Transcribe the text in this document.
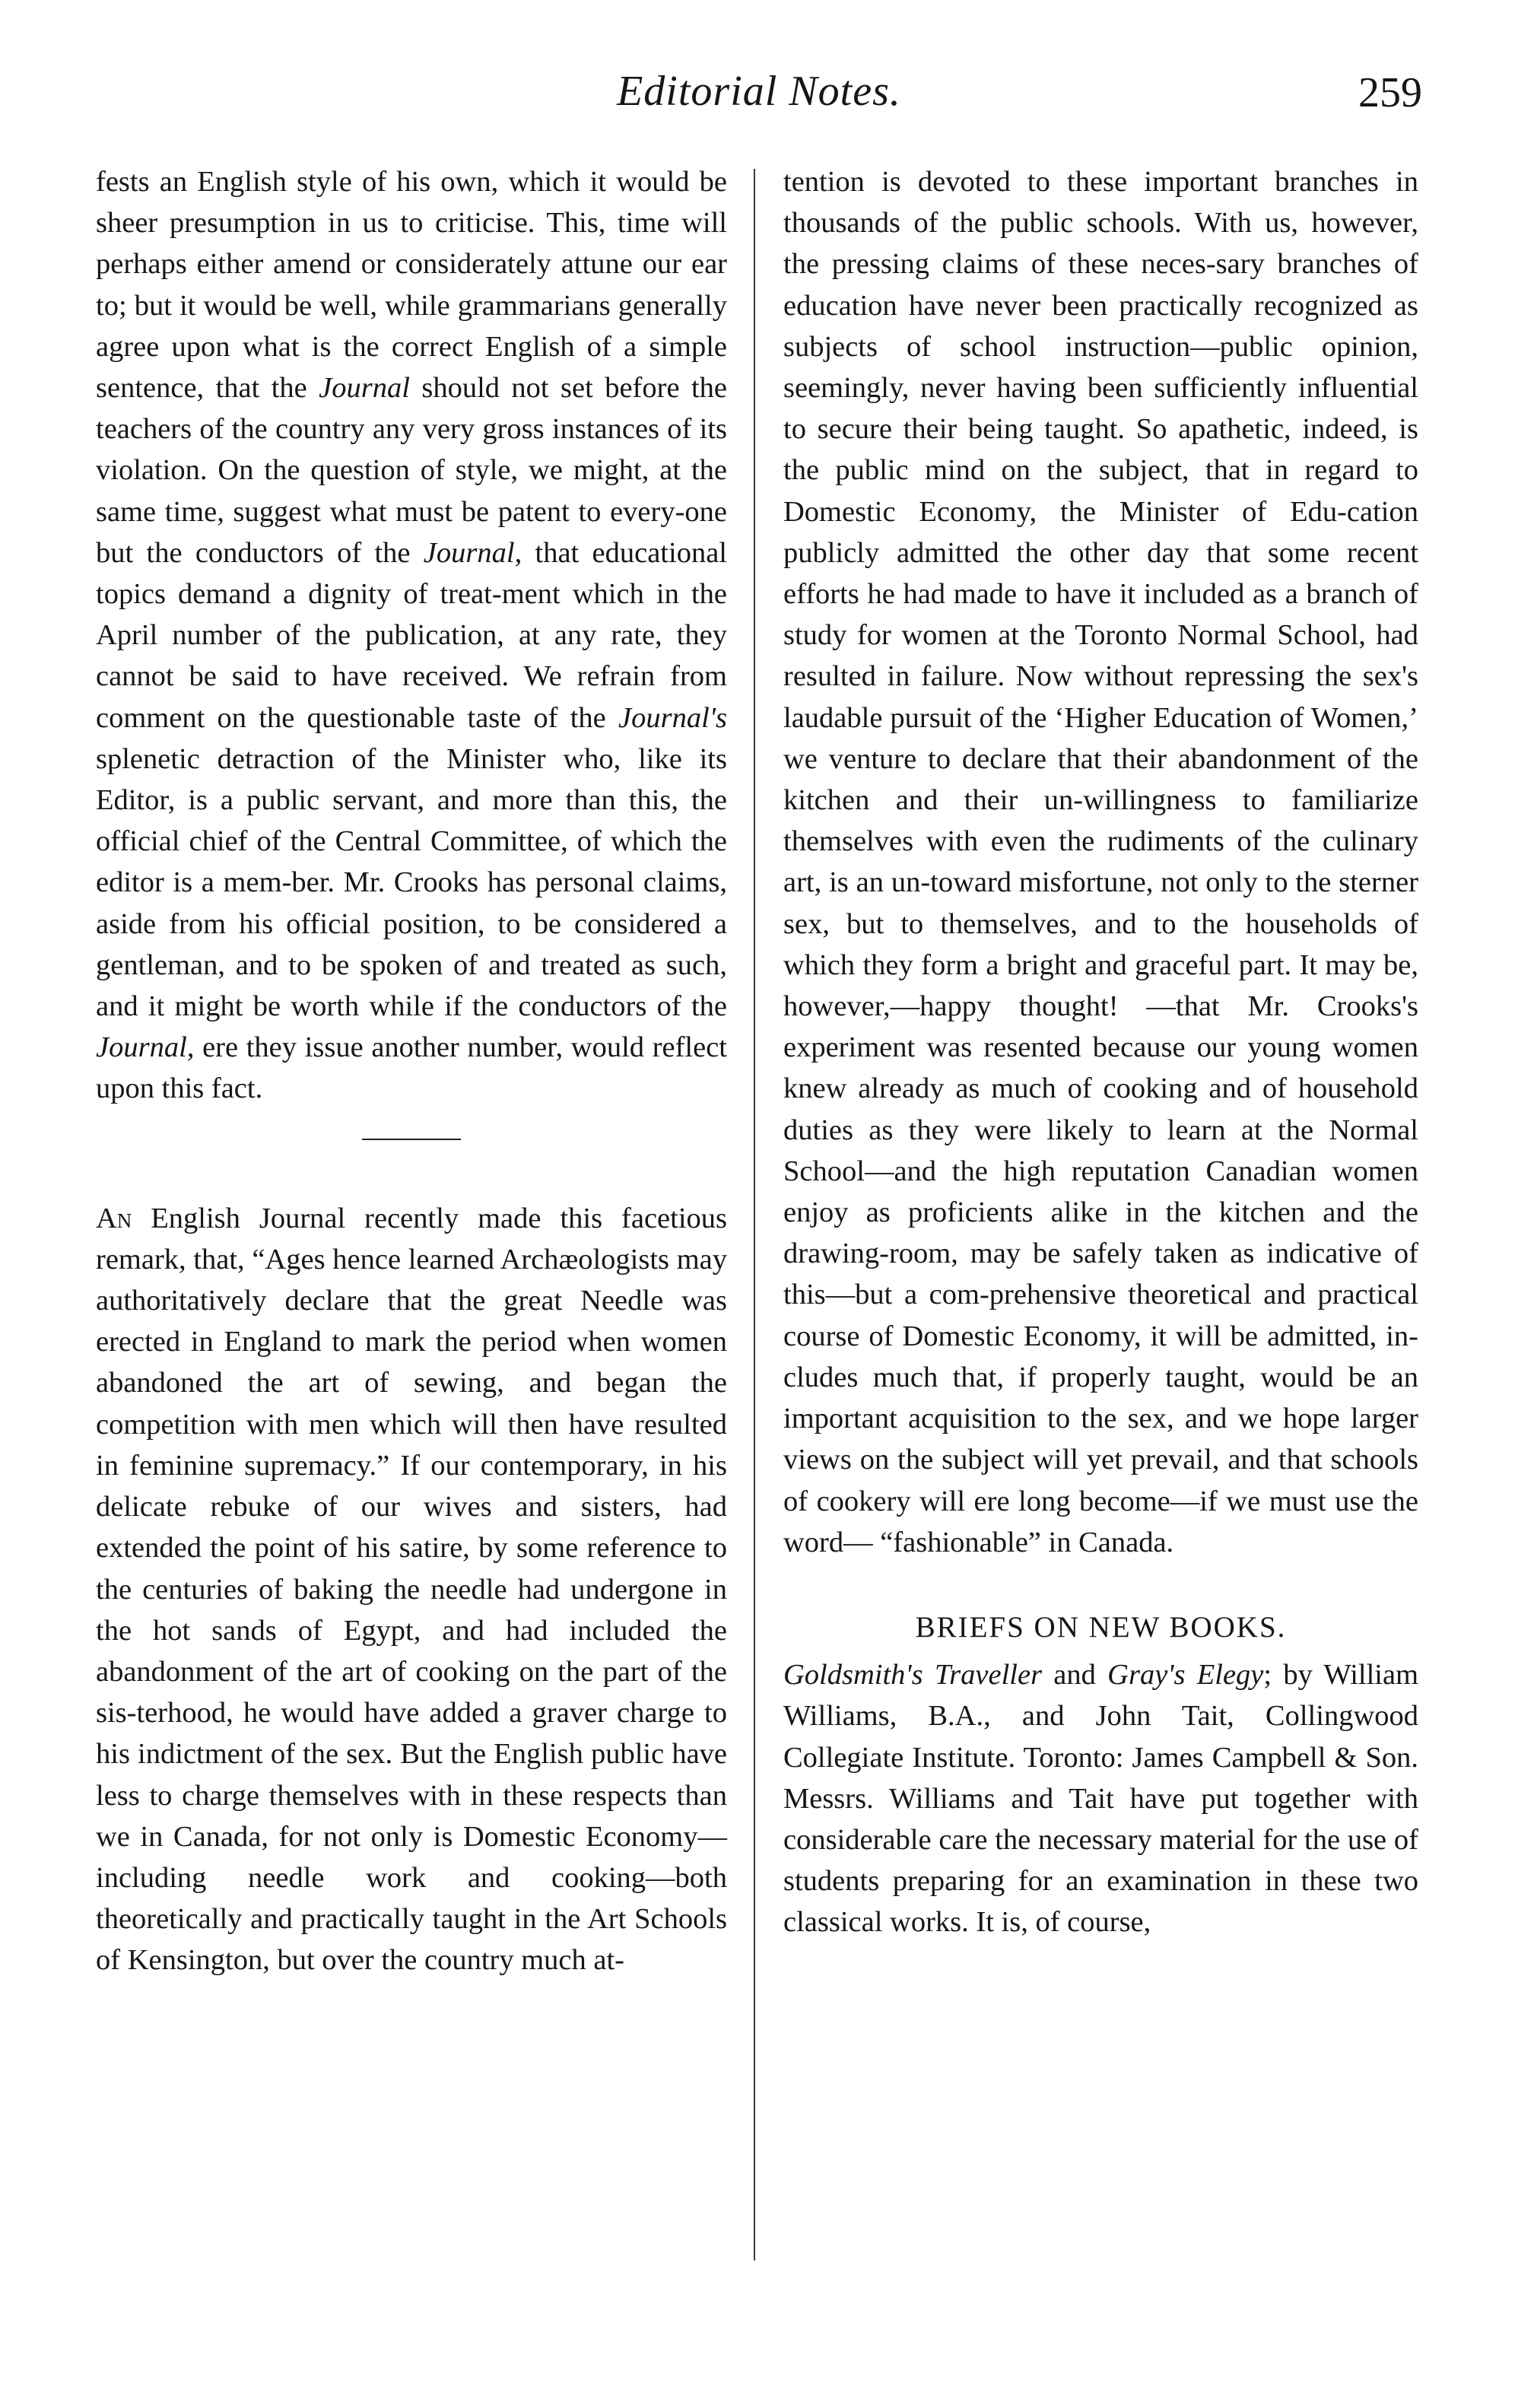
Editorial Notes.	259

fests an English style of his own, which it would be sheer presumption in us to criticise. This, time will perhaps either amend or considerately attune our ear to; but it would be well, while grammarians generally agree upon what is the correct English of a simple sentence, that the Journal should not set before the teachers of the country any very gross instances of its violation. On the question of style, we might, at the same time, suggest what must be patent to every-one but the conductors of the Journal, that educational topics demand a dignity of treat-ment which in the April number of the publication, at any rate, they cannot be said to have received. We refrain from comment on the questionable taste of the Journal's splenetic detraction of the Minister who, like its Editor, is a public servant, and more than this, the official chief of the Central Committee, of which the editor is a mem-ber. Mr. Crooks has personal claims, aside from his official position, to be considered a gentleman, and to be spoken of and treated as such, and it might be worth while if the conductors of the Journal, ere they issue another number, would reflect upon this fact.

An English Journal recently made this facetious remark, that, “Ages hence learned Archæologists may authoritatively declare that the great Needle was erected in England to mark the period when women abandoned the art of sewing, and began the competition with men which will then have resulted in feminine supremacy.” If our contemporary, in his delicate rebuke of our wives and sisters, had extended the point of his satire, by some reference to the centuries of baking the needle had undergone in the hot sands of Egypt, and had included the abandonment of the art of cooking on the part of the sis-terhood, he would have added a graver charge to his indictment of the sex. But the English public have less to charge themselves with in these respects than we in Canada, for not only is Domestic Economy—including needle work and cooking—both theoretically and practically taught in the Art Schools of Kensington, but over the country much at-

tention is devoted to these important branches in thousands of the public schools. With us, however, the pressing claims of these neces-sary branches of education have never been practically recognized as subjects of school instruction—public opinion, seemingly, never having been sufficiently influential to secure their being taught. So apathetic, indeed, is the public mind on the subject, that in regard to Domestic Economy, the Minister of Edu-cation publicly admitted the other day that some recent efforts he had made to have it included as a branch of study for women at the Toronto Normal School, had resulted in failure. Now without repressing the sex's laudable pursuit of the ‘Higher Education of Women,’ we venture to declare that their abandonment of the kitchen and their un-willingness to familiarize themselves with even the rudiments of the culinary art, is an un-toward misfortune, not only to the sterner sex, but to themselves, and to the households of which they form a bright and graceful part. It may be, however,—happy thought! —that Mr. Crooks's experiment was resented because our young women knew already as much of cooking and of household duties as they were likely to learn at the Normal School—and the high reputation Canadian women enjoy as proficients alike in the kitchen and the drawing-room, may be safely taken as indicative of this—but a com-prehensive theoretical and practical course of Domestic Economy, it will be admitted, in-cludes much that, if properly taught, would be an important acquisition to the sex, and we hope larger views on the subject will yet prevail, and that schools of cookery will ere long become—if we must use the word— “fashionable” in Canada.

BRIEFS ON NEW BOOKS.

Goldsmith's Traveller and Gray's Elegy; by William Williams, B.A., and John Tait, Collingwood Collegiate Institute. Toronto: James Campbell & Son. Messrs. Williams and Tait have put together with considerable care the necessary material for the use of students preparing for an examination in these two classical works. It is, of course,
